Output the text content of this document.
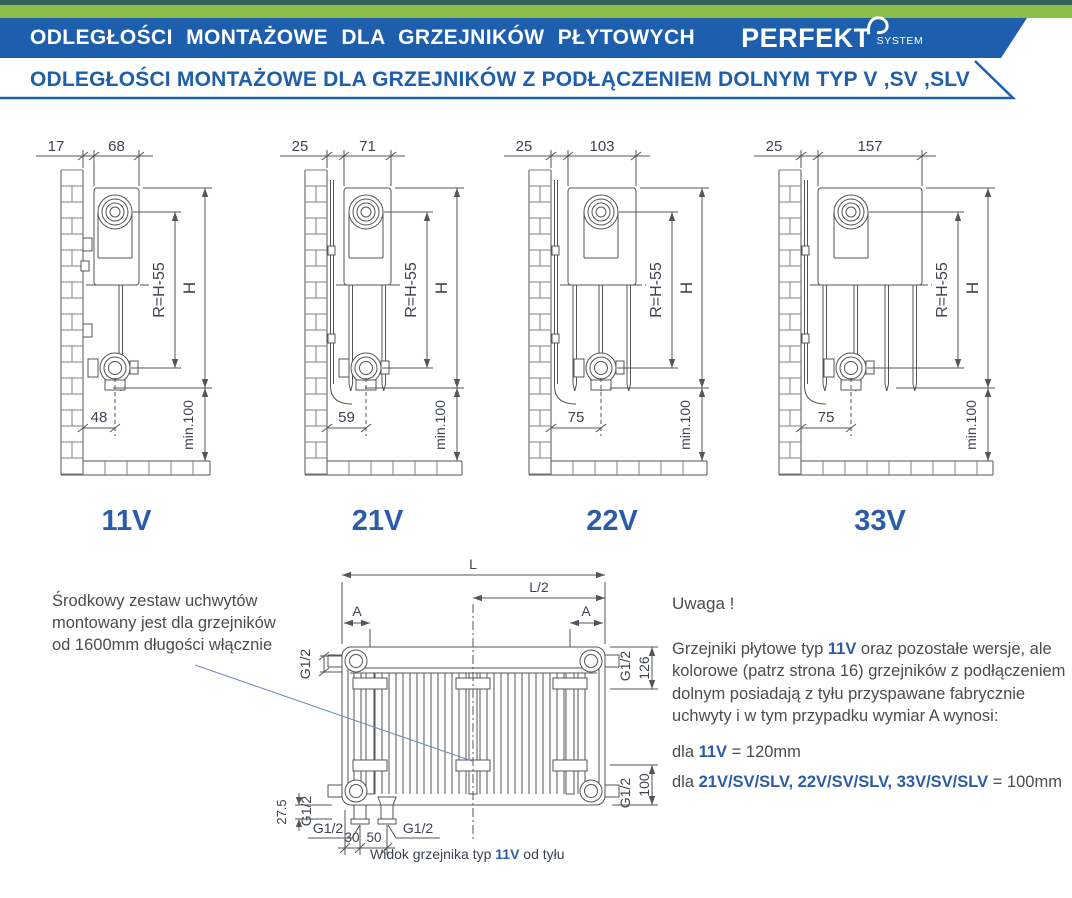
ODLEGŁOŚCI MONTAŻOWE DLA GRZEJNIKÓW PŁYTOWYCH PERFEKT SYSTEM
ODLEGŁOŚCI MONTAŻOWE DLA GRZEJNIKÓW Z PODŁĄCZENIEM DOLNYM TYP V ,SV ,SLV
17	68
H
R=H-55
min.100
48
11V
25	71
H
R=H-55
min.100
59
21V
25	103
H
R=H-55
min.100
75
22V
25	157
H
R=H-55
min.100
75
33V
Środkowy zestaw uchwytów montowany jest dla grzejników od 1600mm długości włącznie
L
L/2
A	A
G1/2
27.5 G1/2
G1/2 126
G1/2 100
30 50
G1/2	G1/2
Widok grzejnika typ 11V od tyłu
Uwaga !

Grzejniki płytowe typ 11V oraz pozostałe wersje, ale kolorowe (patrz strona 16) grzejników z podłączeniem dolnym posiadają z tyłu przyspawane fabrycznie uchwyty i w tym przypadku wymiar A wynosi:

dla 11V = 120mm

dla 21V/SV/SLV, 22V/SV/SLV, 33V/SV/SLV = 100mm
